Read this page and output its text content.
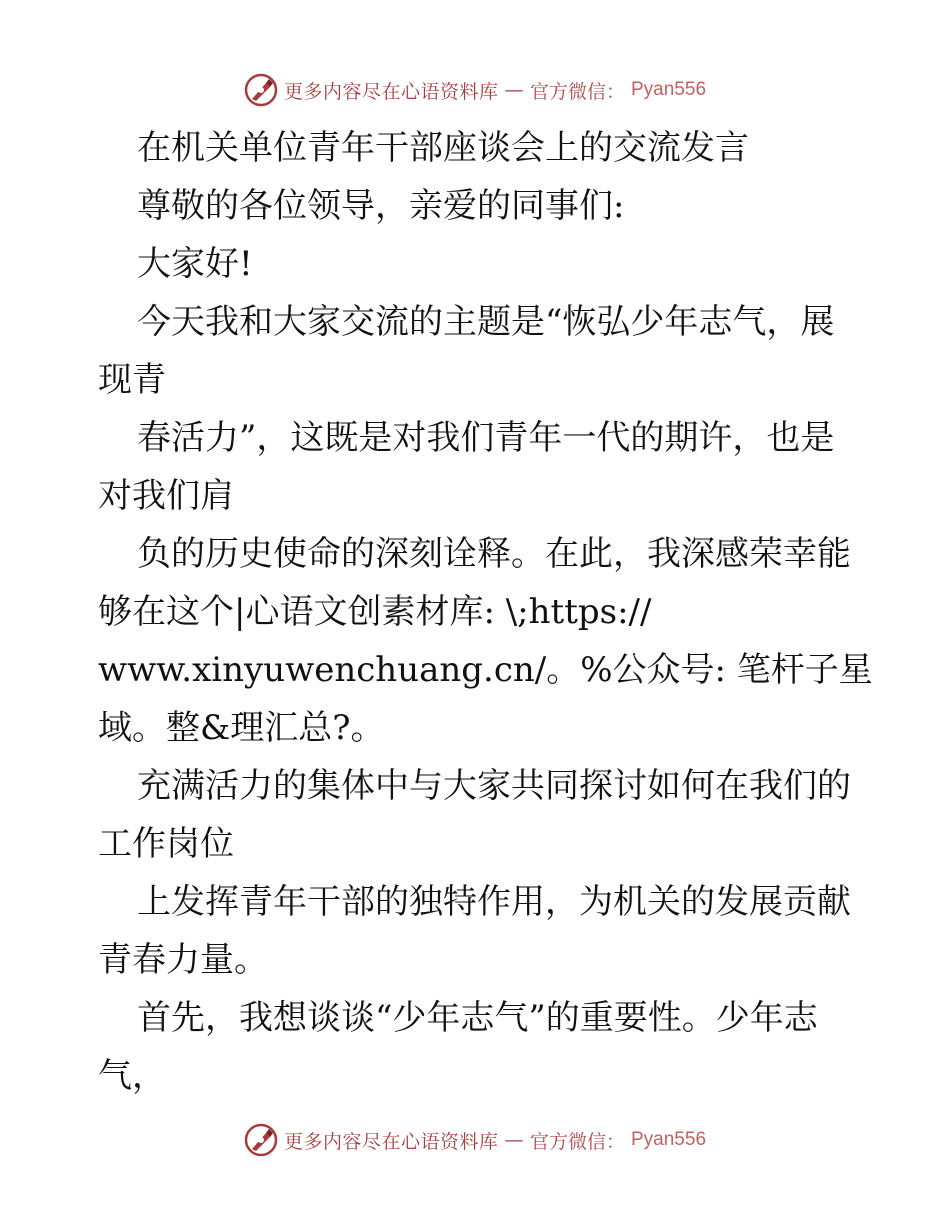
更多内容尽在心语资料库 — 官方微信： Pyan556
在机关单位青年干部座谈会上的交流发言
尊敬的各位领导，亲爱的同事们:
大家好!
今天我和大家交流的主题是“恢弘少年志气，展
现青
春活力”，这既是对我们青年一代的期许，也是
对我们肩
负的历史使命的深刻诠释。在此，我深感荣幸能
够在这个|心语文创素材库: \;https://
www.xinyuwenchuang.cn/。%公众号: 笔杆子星
域。整&理汇总?。
充满活力的集体中与大家共同探讨如何在我们的
工作岗位
上发挥青年干部的独特作用，为机关的发展贡献
青春力量。
首先，我想谈谈“少年志气”的重要性。少年志
气，
更多内容尽在心语资料库 — 官方微信： Pyan556
